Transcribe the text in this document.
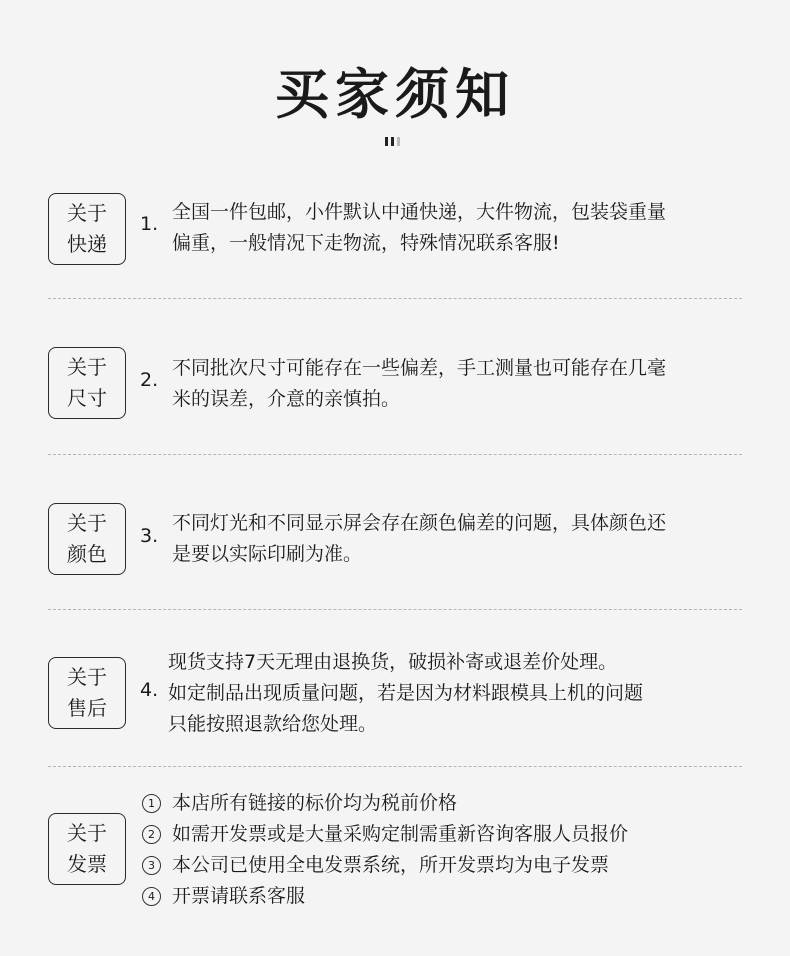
买家须知
关于
快递
1.
全国一件包邮，小件默认中通快递，大件物流，包装袋重量
偏重，一般情况下走物流，特殊情况联系客服!
关于
尺寸
2.
不同批次尺寸可能存在一些偏差，手工测量也可能存在几毫
米的误差，介意的亲慎拍。
关于
颜色
3.
不同灯光和不同显示屏会存在颜色偏差的问题，具体颜色还
是要以实际印刷为准。
关于
售后
4.
现货支持7天无理由退换货，破损补寄或退差价处理。
如定制品出现质量问题，若是因为材料跟模具上机的问题
只能按照退款给您处理。
关于
发票
1 本店所有链接的标价均为税前价格
2 如需开发票或是大量采购定制需重新咨询客服人员报价
3 本公司已使用全电发票系统，所开发票均为电子发票
4 开票请联系客服
